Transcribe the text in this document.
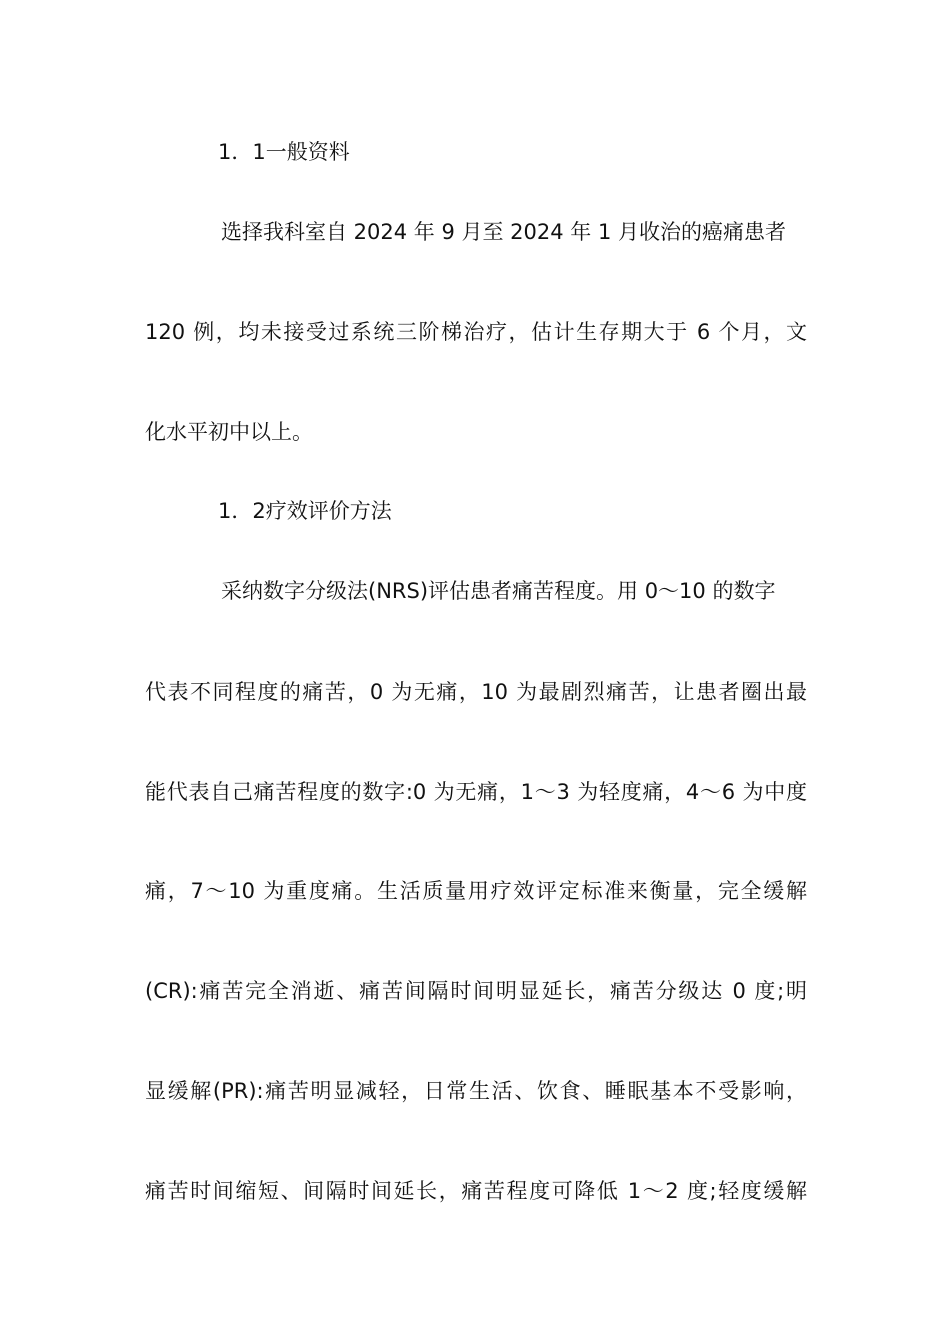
1．1一般资料
选择我科室自 2024 年 9 月至 2024 年 1 月收治的癌痛患者
120 例，均未接受过系统三阶梯治疗，估计生存期大于 6 个月，文
化水平初中以上。
1．2疗效评价方法
采纳数字分级法(NRS)评估患者痛苦程度。用 0～10 的数字
代表不同程度的痛苦，0 为无痛，10 为最剧烈痛苦，让患者圈出最
能代表自己痛苦程度的数字:0 为无痛，1～3 为轻度痛，4～6 为中度
痛，7～10 为重度痛。生活质量用疗效评定标准来衡量，完全缓解
(CR):痛苦完全消逝、痛苦间隔时间明显延长，痛苦分级达 0 度;明
显缓解(PR):痛苦明显减轻，日常生活、饮食、睡眠基本不受影响，
痛苦时间缩短、间隔时间延长，痛苦程度可降低 1～2 度;轻度缓解
